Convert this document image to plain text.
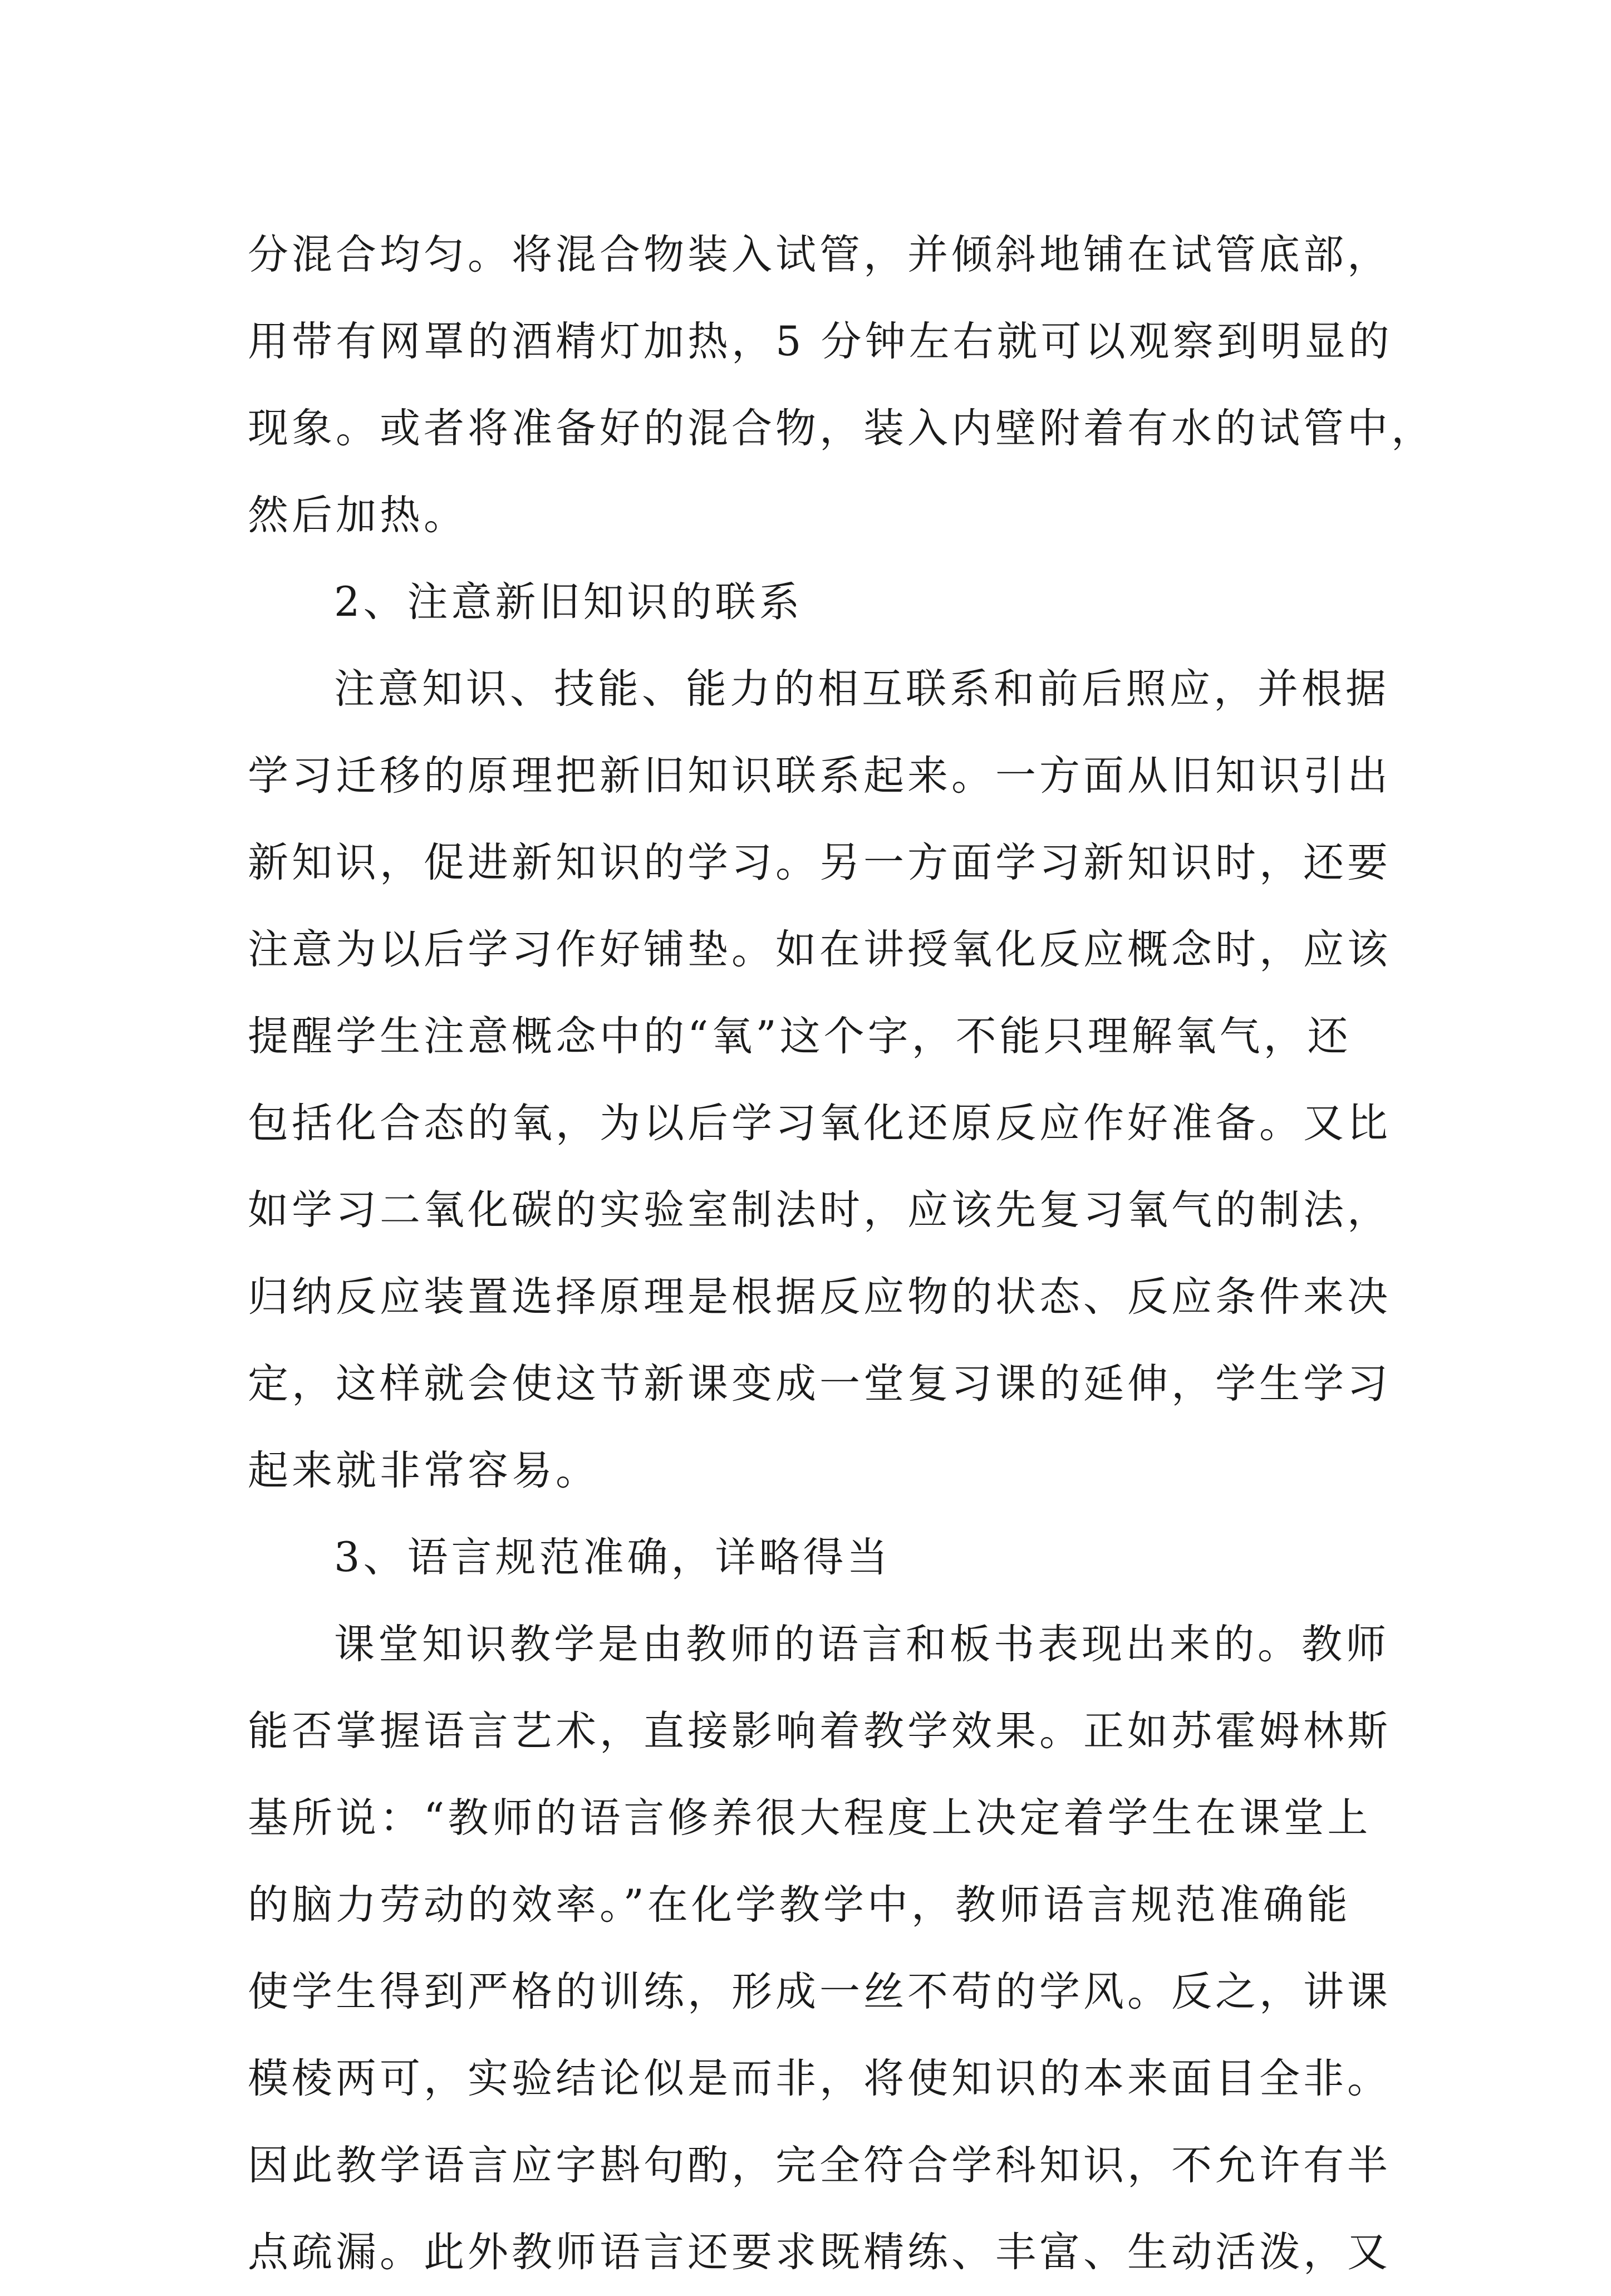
分混合均匀。将混合物装入试管，并倾斜地铺在试管底部，
用带有网罩的酒精灯加热，5 分钟左右就可以观察到明显的
现象。或者将准备好的混合物，装入内壁附着有水的试管中，
然后加热。
2、注意新旧知识的联系
注意知识、技能、能力的相互联系和前后照应，并根据
学习迁移的原理把新旧知识联系起来。一方面从旧知识引出
新知识，促进新知识的学习。另一方面学习新知识时，还要
注意为以后学习作好铺垫。如在讲授氧化反应概念时，应该
提醒学生注意概念中的“氧”这个字，不能只理解氧气，还
包括化合态的氧，为以后学习氧化还原反应作好准备。又比
如学习二氧化碳的实验室制法时，应该先复习氧气的制法，
归纳反应装置选择原理是根据反应物的状态、反应条件来决
定，这样就会使这节新课变成一堂复习课的延伸，学生学习
起来就非常容易。
3、语言规范准确，详略得当
课堂知识教学是由教师的语言和板书表现出来的。教师
能否掌握语言艺术，直接影响着教学效果。正如苏霍姆林斯
基所说：“教师的语言修养很大程度上决定着学生在课堂上
的脑力劳动的效率。”在化学教学中，教师语言规范准确能
使学生得到严格的训练，形成一丝不苟的学风。反之，讲课
模棱两可，实验结论似是而非，将使知识的本来面目全非。
因此教学语言应字斟句酌，完全符合学科知识，不允许有半
点疏漏。此外教师语言还要求既精练、丰富、生动活泼，又
